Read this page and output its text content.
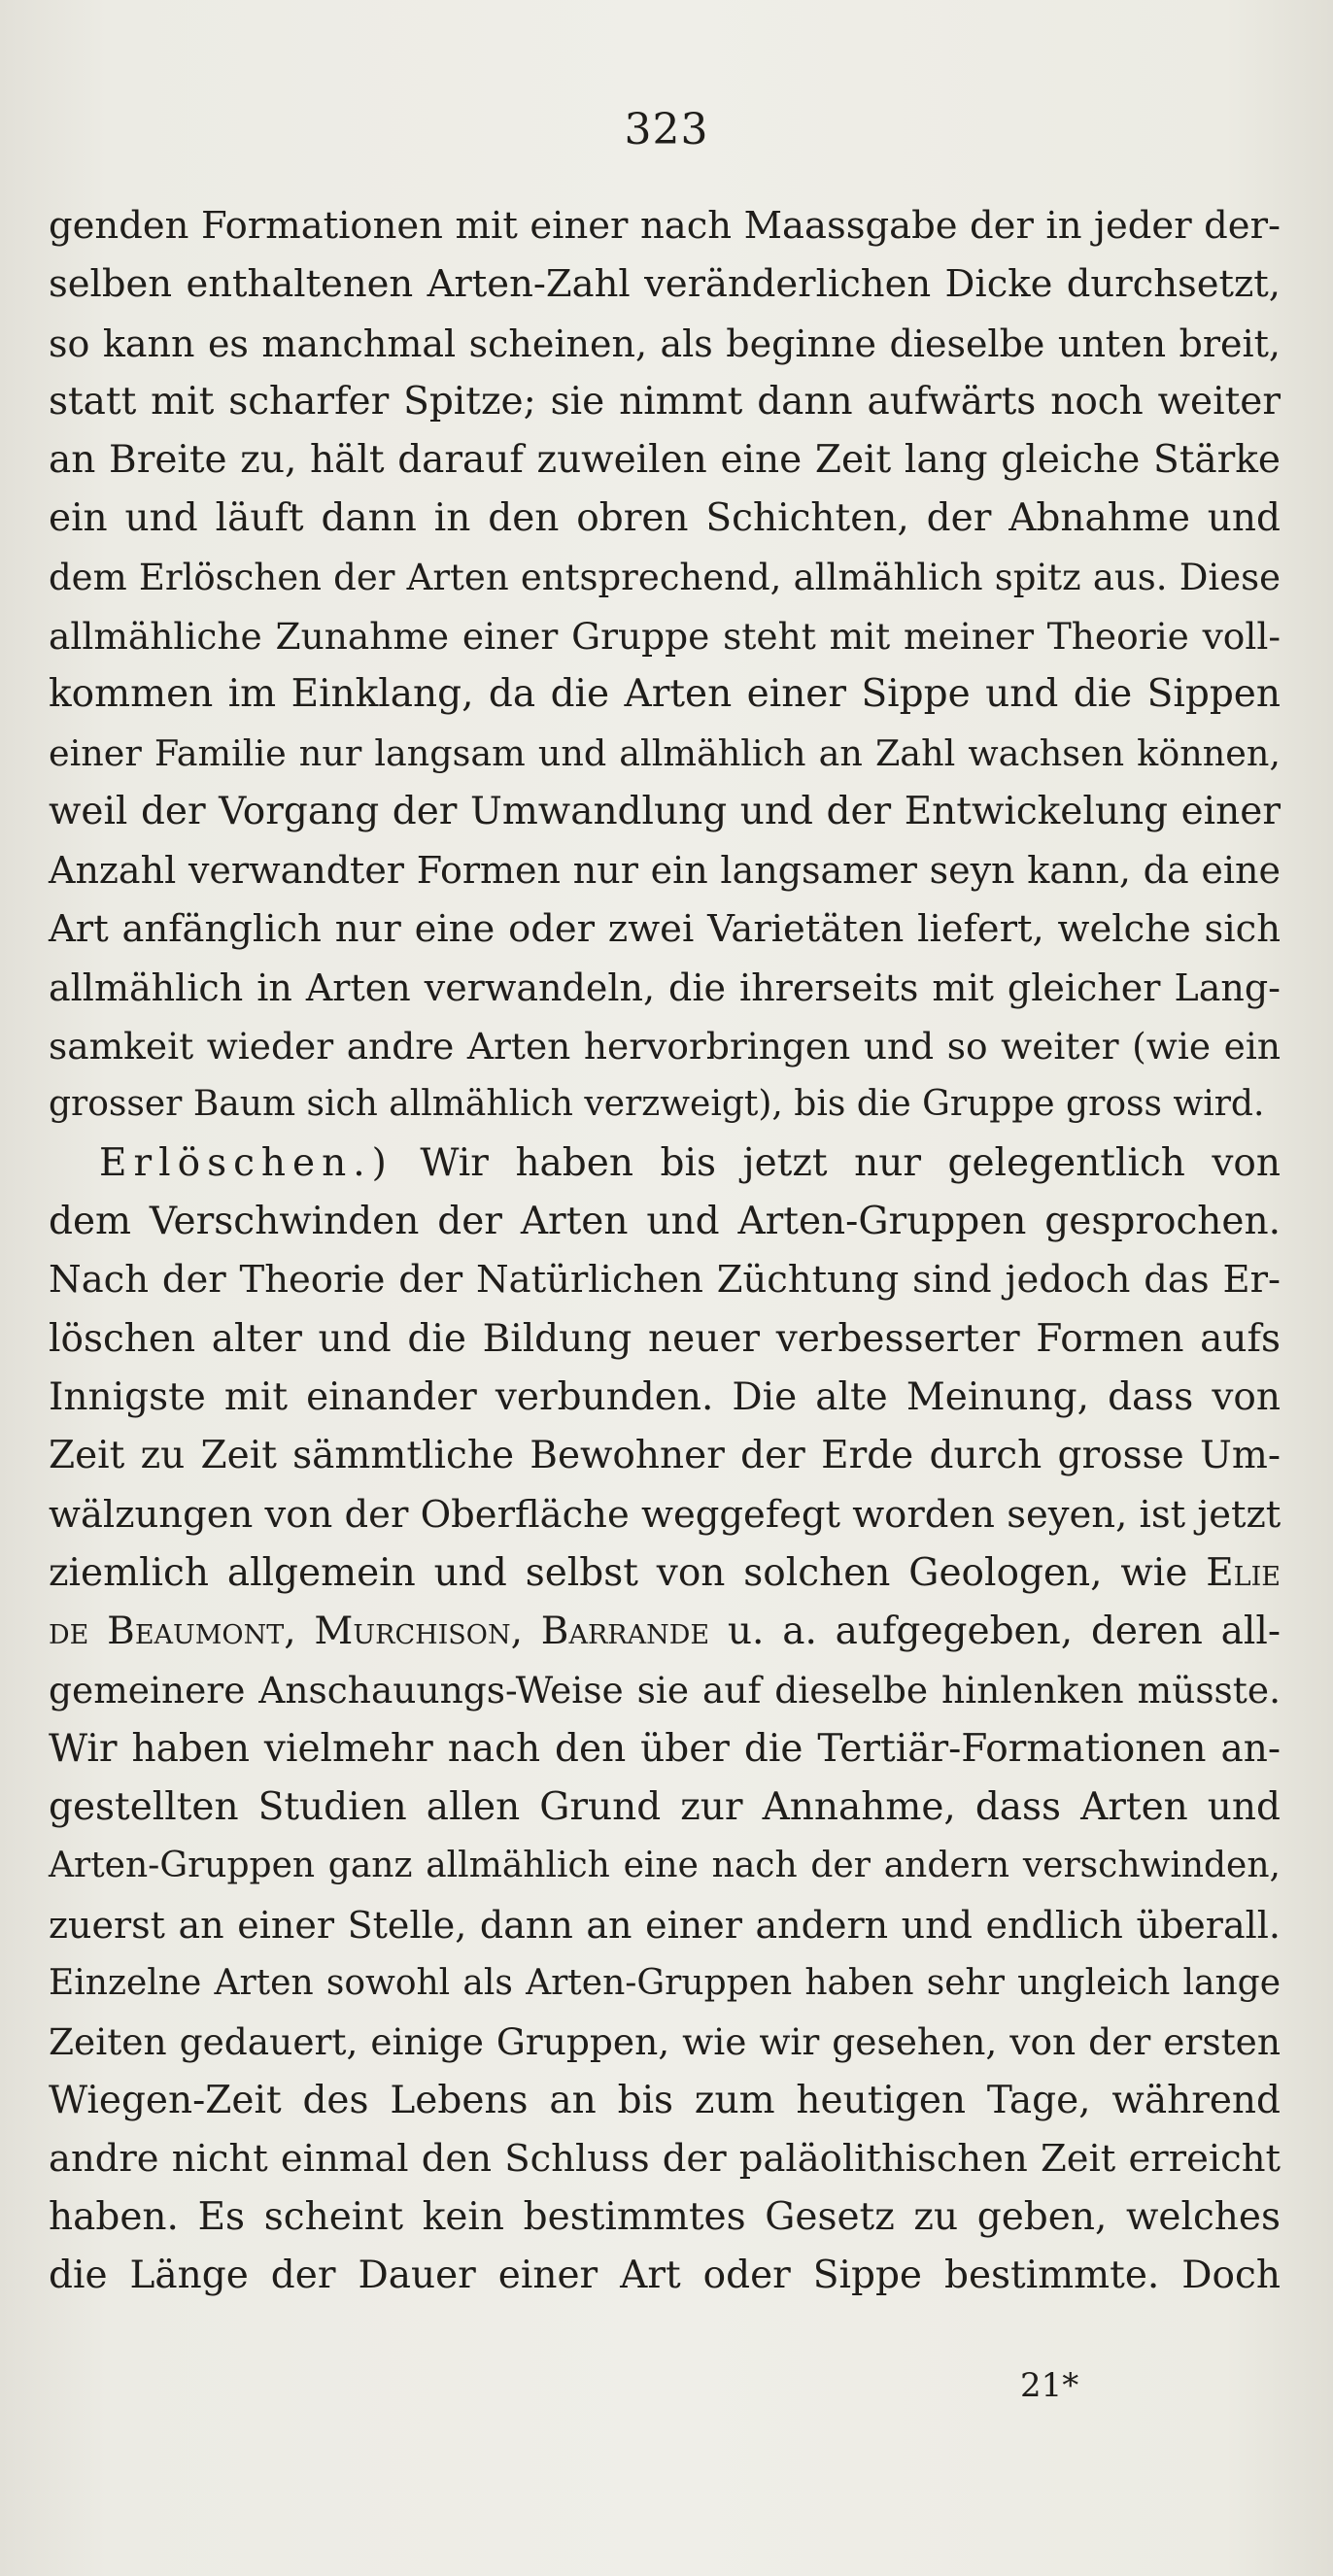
323
genden Formationen mit einer nach Maassgabe der in jeder der-
selben enthaltenen Arten-Zahl veränderlichen Dicke durchsetzt,
so kann es manchmal scheinen, als beginne dieselbe unten breit,
statt mit scharfer Spitze; sie nimmt dann aufwärts noch weiter
an Breite zu, hält darauf zuweilen eine Zeit lang gleiche Stärke
ein und läuft dann in den obren Schichten, der Abnahme und
dem Erlöschen der Arten entsprechend, allmählich spitz aus. Diese
allmähliche Zunahme einer Gruppe steht mit meiner Theorie voll-
kommen im Einklang, da die Arten einer Sippe und die Sippen
einer Familie nur langsam und allmählich an Zahl wachsen können,
weil der Vorgang der Umwandlung und der Entwickelung einer
Anzahl verwandter Formen nur ein langsamer seyn kann, da eine
Art anfänglich nur eine oder zwei Varietäten liefert, welche sich
allmählich in Arten verwandeln, die ihrerseits mit gleicher Lang-
samkeit wieder andre Arten hervorbringen und so weiter (wie ein
grosser Baum sich allmählich verzweigt), bis die Gruppe gross wird.
Erlöschen.) Wir haben bis jetzt nur gelegentlich von
dem Verschwinden der Arten und Arten-Gruppen gesprochen.
Nach der Theorie der Natürlichen Züchtung sind jedoch das Er-
löschen alter und die Bildung neuer verbesserter Formen aufs
Innigste mit einander verbunden. Die alte Meinung, dass von
Zeit zu Zeit sämmtliche Bewohner der Erde durch grosse Um-
wälzungen von der Oberfläche weggefegt worden seyen, ist jetzt
ziemlich allgemein und selbst von solchen Geologen, wie Elie
de Beaumont, Murchison, Barrande u. a. aufgegeben, deren all-
gemeinere Anschauungs-Weise sie auf dieselbe hinlenken müsste.
Wir haben vielmehr nach den über die Tertiär-Formationen an-
gestellten Studien allen Grund zur Annahme, dass Arten und
Arten-Gruppen ganz allmählich eine nach der andern verschwinden,
zuerst an einer Stelle, dann an einer andern und endlich überall.
Einzelne Arten sowohl als Arten-Gruppen haben sehr ungleich lange
Zeiten gedauert, einige Gruppen, wie wir gesehen, von der ersten
Wiegen-Zeit des Lebens an bis zum heutigen Tage, während
andre nicht einmal den Schluss der paläolithischen Zeit erreicht
haben. Es scheint kein bestimmtes Gesetz zu geben, welches
die Länge der Dauer einer Art oder Sippe bestimmte. Doch
21*
